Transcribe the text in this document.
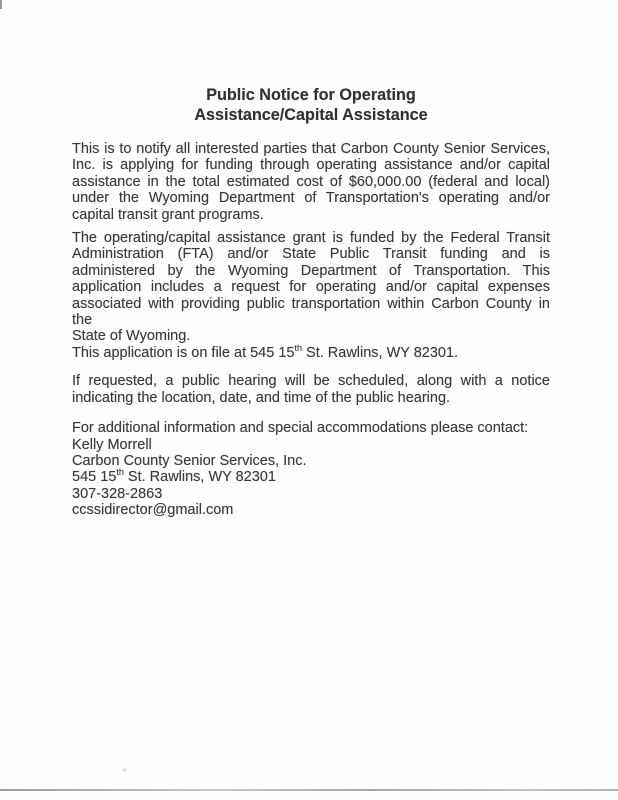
Public Notice for Operating
Assistance/Capital Assistance
This is to notify all interested parties that Carbon County Senior Services,
Inc. is applying for funding through operating assistance and/or capital
assistance in the total estimated cost of $60,000.00 (federal and local)
under the Wyoming Department of Transportation's operating and/or
capital transit grant programs.
The operating/capital assistance grant is funded by the Federal Transit
Administration (FTA) and/or State Public Transit funding and is
administered by the Wyoming Department of Transportation. This
application includes a request for operating and/or capital expenses
associated with providing public transportation within Carbon County in the
State of Wyoming.
This application is on file at 545 15th St. Rawlins, WY 82301.
If requested, a public hearing will be scheduled, along with a notice
indicating the location, date, and time of the public hearing.
For additional information and special accommodations please contact:
Kelly Morrell
Carbon County Senior Services, Inc.
545 15th St. Rawlins, WY 82301
307-328-2863
ccssidirector@gmail.com
